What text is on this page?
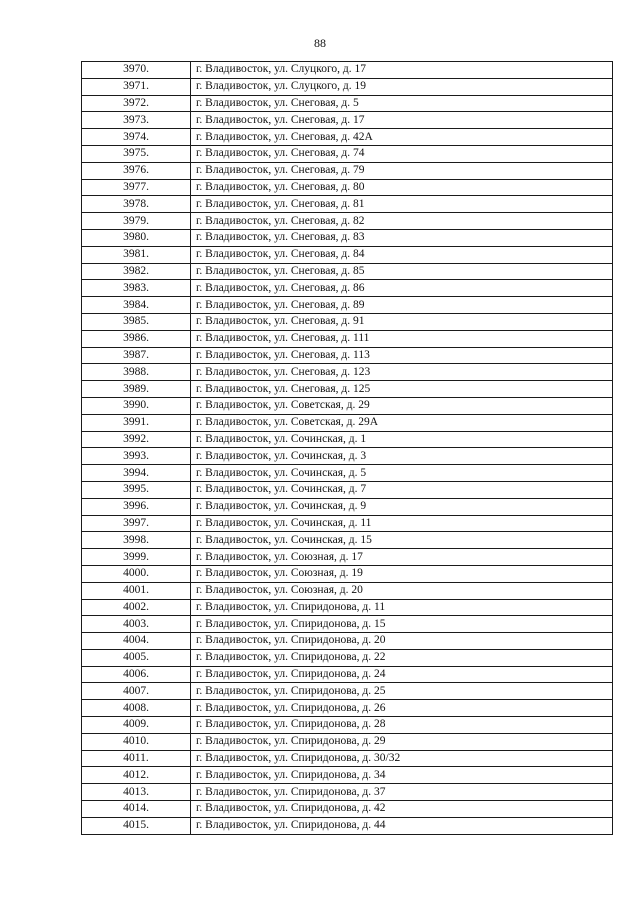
88
3970.	г. Владивосток, ул. Слуцкого, д. 17
3971.	г. Владивосток, ул. Слуцкого, д. 19
3972.	г. Владивосток, ул. Снеговая, д. 5
3973.	г. Владивосток, ул. Снеговая, д. 17
3974.	г. Владивосток, ул. Снеговая, д. 42А
3975.	г. Владивосток, ул. Снеговая, д. 74
3976.	г. Владивосток, ул. Снеговая, д. 79
3977.	г. Владивосток, ул. Снеговая, д. 80
3978.	г. Владивосток, ул. Снеговая, д. 81
3979.	г. Владивосток, ул. Снеговая, д. 82
3980.	г. Владивосток, ул. Снеговая, д. 83
3981.	г. Владивосток, ул. Снеговая, д. 84
3982.	г. Владивосток, ул. Снеговая, д. 85
3983.	г. Владивосток, ул. Снеговая, д. 86
3984.	г. Владивосток, ул. Снеговая, д. 89
3985.	г. Владивосток, ул. Снеговая, д. 91
3986.	г. Владивосток, ул. Снеговая, д. 111
3987.	г. Владивосток, ул. Снеговая, д. 113
3988.	г. Владивосток, ул. Снеговая, д. 123
3989.	г. Владивосток, ул. Снеговая, д. 125
3990.	г. Владивосток, ул. Советская, д. 29
3991.	г. Владивосток, ул. Советская, д. 29А
3992.	г. Владивосток, ул. Сочинская, д. 1
3993.	г. Владивосток, ул. Сочинская, д. 3
3994.	г. Владивосток, ул. Сочинская, д. 5
3995.	г. Владивосток, ул. Сочинская, д. 7
3996.	г. Владивосток, ул. Сочинская, д. 9
3997.	г. Владивосток, ул. Сочинская, д. 11
3998.	г. Владивосток, ул. Сочинская, д. 15
3999.	г. Владивосток, ул. Союзная, д. 17
4000.	г. Владивосток, ул. Союзная, д. 19
4001.	г. Владивосток, ул. Союзная, д. 20
4002.	г. Владивосток, ул. Спиридонова, д. 11
4003.	г. Владивосток, ул. Спиридонова, д. 15
4004.	г. Владивосток, ул. Спиридонова, д. 20
4005.	г. Владивосток, ул. Спиридонова, д. 22
4006.	г. Владивосток, ул. Спиридонова, д. 24
4007.	г. Владивосток, ул. Спиридонова, д. 25
4008.	г. Владивосток, ул. Спиридонова, д. 26
4009.	г. Владивосток, ул. Спиридонова, д. 28
4010.	г. Владивосток, ул. Спиридонова, д. 29
4011.	г. Владивосток, ул. Спиридонова, д. 30/32
4012.	г. Владивосток, ул. Спиридонова, д. 34
4013.	г. Владивосток, ул. Спиридонова, д. 37
4014.	г. Владивосток, ул. Спиридонова, д. 42
4015.	г. Владивосток, ул. Спиридонова, д. 44
